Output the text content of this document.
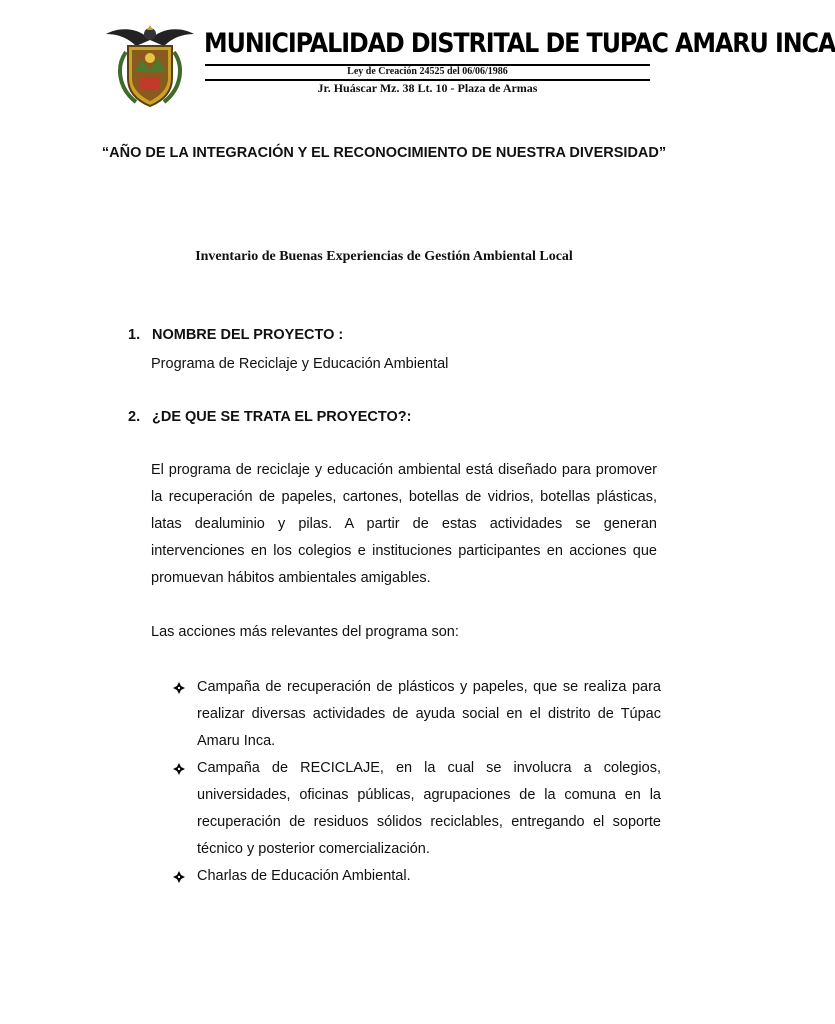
MUNICIPALIDAD DISTRITAL DE TUPAC AMARU INCA
Ley de Creación 24525 del 06/06/1986
Jr. Huáscar Mz. 38 Lt. 10 - Plaza de Armas
“AÑO DE LA INTEGRACIÓN Y EL RECONOCIMIENTO DE NUESTRA DIVERSIDAD”
Inventario de Buenas Experiencias de Gestión Ambiental Local
1. NOMBRE DEL PROYECTO :
Programa de Reciclaje y Educación Ambiental
2. ¿DE QUE SE TRATA EL PROYECTO?:
El programa de reciclaje y educación ambiental está diseñado para promover la recuperación de papeles, cartones, botellas de vidrios, botellas plásticas, latas dealuminio y pilas. A partir de estas actividades se generan intervenciones en los colegios e instituciones participantes en acciones que promuevan hábitos ambientales amigables.
Las acciones más relevantes del programa son:
Campaña de recuperación de plásticos y papeles, que se realiza para realizar diversas actividades de ayuda social en el distrito de Túpac Amaru Inca.
Campaña de RECICLAJE, en la cual se involucra a colegios, universidades, oficinas públicas, agrupaciones de la comuna en la recuperación de residuos sólidos reciclables, entregando el soporte técnico y posterior comercialización.
Charlas de Educación Ambiental.
